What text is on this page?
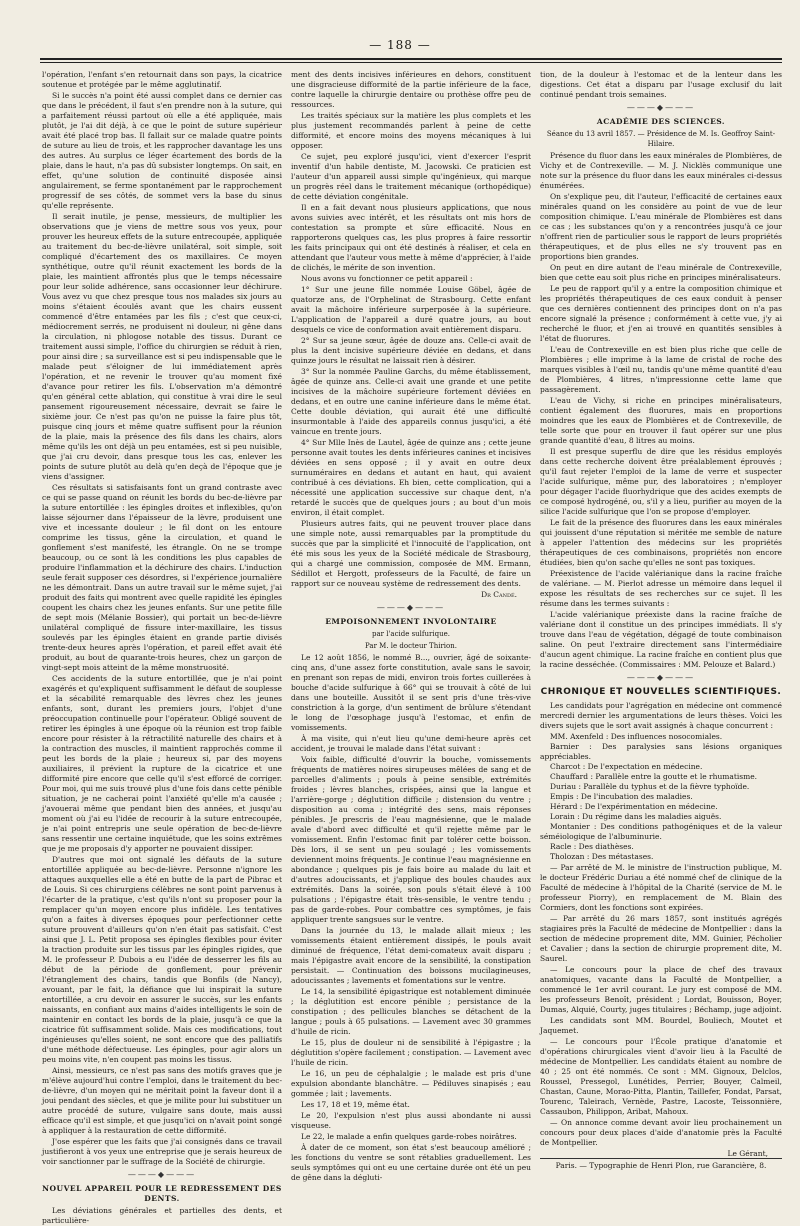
— 188 —

l'opération, l'enfant s'en retournait dans son pays, la cicatrice soutenue et protégée par le même agglutinatif.

Si le succès n'a point été aussi complet dans ce dernier cas que dans le précédent, il faut s'en prendre non à la suture, qui a parfaitement réussi partout où elle a été appliquée, mais plutôt, je l'ai dit déjà, à ce que le point de suture supérieur avait été placé trop bas. Il fallait sur ce malade quatre points de suture au lieu de trois, et les rapprocher davantage les uns des autres. Au surplus ce léger écartement des bords de la plaie, dans le haut, n'a pas dû subsister longtemps. On sait, en effet, qu'une solution de continuité disposée ainsi angulairement, se ferme spontanément par le rapprochement progressif de ses côtés, de sommet vers la base du sinus qu'elle représente.

Il serait inutile, je pense, messieurs, de multiplier les observations que je viens de mettre sous vos yeux, pour prouver les heureux effets de la suture entrecoupée, appliquée au traitement du bec-de-lièvre unilatéral, soit simple, soit compliqué d'écartement des os maxillaires. Ce moyen synthétique, outre qu'il réunit exactement les bords de la plaie, les maintient affrontés plus que le temps nécessaire pour leur solide adhérence, sans occasionner leur déchirure. Vous avez vu que chez presque tous nos malades six jours au moins s'étaient écoulés avant que les chairs eussent commencé d'être entamées par les fils ; c'est que ceux-ci, médiocrement serrés, ne produisent ni douleur, ni gêne dans la circulation, ni phlogose notable des tissus. Durant ce traitement aussi simple, l'office du chirurgien se réduit à rien, pour ainsi dire ; sa surveillance est si peu indispensable que le malade peut s'éloigner de lui immédiatement après l'opération, et ne revenir le trouver qu'au moment fixé d'avance pour retirer les fils. L'observation m'a démontré qu'en général cette ablation, qui constitue à vrai dire le seul pansement rigoureusement nécessaire, devrait se faire le sixième jour. Ce n'est pas qu'on ne puisse la faire plus tôt, puisque cinq jours et même quatre suffisent pour la réunion de la plaie, mais la présence des fils dans les chairs, alors même qu'ils les ont déjà un peu entamées, est si peu nuisible, que j'ai cru devoir, dans presque tous les cas, enlever les points de suture plutôt au delà qu'en deçà de l'époque que je viens d'assigner.

Ces résultats si satisfaisants font un grand contraste avec ce qui se passe quand on réunit les bords du bec-de-lièvre par la suture entortillée : les épingles droites et inflexibles, qu'on laisse séjourner dans l'épaisseur de la lèvre, produisent une vive et incessante douleur ; le fil dont on les entoure comprime les tissus, gêne la circulation, et quand le gonflement s'est manifesté, les étrangle. On ne se trompe beaucoup, ou ce sont là les conditions les plus capables de produire l'inflammation et la déchirure des chairs. L'induction seule ferait supposer ces désordres, si l'expérience journalière ne les démontrait. Dans un autre travail sur le même sujet, j'ai produit des faits qui montrent avec quelle rapidité les épingles coupent les chairs chez les jeunes enfants. Sur une petite fille de sept mois (Mélanie Bossier), qui portait un bec-de-lièvre unilatéral compliqué de fissure inter-maxillaire, les tissus soulevés par les épingles étaient en grande partie divisés trente-deux heures après l'opération, et pareil effet avait été produit, au bout de quarante-trois heures, chez un garçon de vingt-sept mois atteint de la même monstruosité.

Ces accidents de la suture entortillée, que je n'ai point exagérés et qu'expliquent suffisamment le défaut de souplesse et la sécabilité remarquable des lèvres chez les jeunes enfants, sont, durant les premiers jours, l'objet d'une préoccupation continuelle pour l'opérateur. Obligé souvent de retirer les épingles à une époque où la réunion est trop faible encore pour résister à la rétractilité naturelle des chairs et à la contraction des muscles, il maintient rapprochés comme il peut les bords de la plaie ; heureux si, par des moyens auxiliaires, il prévient la rupture de la cicatrice et une difformité pire encore que celle qu'il s'est efforcé de corriger. Pour moi, qui me suis trouvé plus d'une fois dans cette pénible situation, je ne cacherai point l'anxiété qu'elle m'a causée ; j'avouerai même que pendant bien des années, et jusqu'au moment où j'ai eu l'idée de recourir à la suture entrecoupée, je n'ai point entrepris une seule opération de bec-de-lièvre sans ressentir une certaine inquiétude, que les soins extrêmes que je me proposais d'y apporter ne pouvaient dissiper.

D'autres que moi ont signalé les défauts de la suture entortillée appliquée au bec-de-lièvre. Personne n'ignore les attaques auxquelles elle a été en butte de la part de Pibrac et de Louis. Si ces chirurgiens célèbres ne sont point parvenus à l'écarter de la pratique, c'est qu'ils n'ont su proposer pour la remplacer qu'un moyen encore plus infidèle. Les tentatives qu'on a faites à diverses époques pour perfectionner cette suture prouvent d'ailleurs qu'on n'en était pas satisfait. C'est ainsi que J. L. Petit proposa ses épingles flexibles pour éviter la traction produite sur les tissus par les épingles rigides, que M. le professeur P. Dubois a eu l'idée de desserrer les fils au début de la période de gonflement, pour prévenir l'étranglement des chairs, tandis que Bonfils (de Nancy), avouant, par le fait, la défiance que lui inspirait la suture entortillée, a cru devoir en assurer le succès, sur les enfants naissants, en confiant aux mains d'aides intelligents le soin de maintenir en contact les bords de la plaie, jusqu'à ce que la cicatrice fût suffisamment solide. Mais ces modifications, tout ingénieuses qu'elles soient, ne sont encore que des palliatifs d'une méthode défectueuse. Les épingles, pour agir alors un peu moins vite, n'en coupent pas moins les tissus.

Ainsi, messieurs, ce n'est pas sans des motifs graves que je m'élève aujourd'hui contre l'emploi, dans le traitement du bec-de-lièvre, d'un moyen qui ne méritait point la faveur dont il a joui pendant des siècles, et que je milite pour lui substituer un autre procédé de suture, vulgaire sans doute, mais aussi efficace qu'il est simple, et que jusqu'ici on n'avait point songé à appliquer à la restauration de cette difformité.

J'ose espérer que les faits que j'ai consignés dans ce travail justifieront à vos yeux une entreprise que je serais heureux de voir sanctionner par le suffrage de la Société de chirurgie.

———◆———
NOUVEL APPAREIL POUR LE REDRESSEMENT DES DENTS.

Les déviations générales et partielles des dents, et particulière-

ment des dents incisives inférieures en dehors, constituent une disgracieuse difformité de la partie inférieure de la face, contre laquelle la chirurgie dentaire ou prothèse offre peu de ressources.

Les traités spéciaux sur la matière les plus complets et les plus justement recommandés parlent à peine de cette difformité, et encore moins des moyens mécaniques à lui opposer.

Ce sujet, peu exploré jusqu'ici, vient d'exercer l'esprit inventif d'un habile dentiste, M. Jacowski. Ce praticien est l'auteur d'un appareil aussi simple qu'ingénieux, qui marque un progrès réel dans le traitement mécanique (orthopédique) de cette déviation congénitale.

Il en a fait devant nous plusieurs applications, que nous avons suivies avec intérêt, et les résultats ont mis hors de contestation sa prompte et sûre efficacité. Nous en rapporterons quelques cas, les plus propres à faire ressortir les faits principaux qui ont été destinés à réaliser, et cela en attendant que l'auteur vous mette à même d'apprécier, à l'aide de clichés, le mérite de son invention.

Nous avons vu fonctionner ce petit appareil :

1° Sur une jeune fille nommée Louise Göbel, âgée de quatorze ans, de l'Orphelinat de Strasbourg. Cette enfant avait la mâchoire inférieure surperposée à la supérieure. L'application de l'appareil a duré quatre jours, au bout desquels ce vice de conformation avait entièrement disparu.

2° Sur sa jeune sœur, âgée de douze ans. Celle-ci avait de plus la dent incisive supérieure déviée en dedans, et dans quinze jours le résultat ne laissait rien à désirer.

3° Sur la nommée Pauline Garchs, du même établissement, âgée de quinze ans. Celle-ci avait une grande et une petite incisives de la mâchoire supérieure fortement déviées en dedans, et en outre une canine inférieure dans le même état. Cette double déviation, qui aurait été une difficulté insurmontable à l'aide des appareils connus jusqu'ici, a été vaincue en trente jours.

4° Sur Mlle Inès de Lautel, âgée de quinze ans ; cette jeune personne avait toutes les dents inférieures canines et incisives déviées en sens opposé ; il y avait en outre deux surnuméraires en dedans et autant en haut, qui avaient contribué à ces déviations. Eh bien, cette complication, qui a nécessité une application successive sur chaque dent, n'a retardé le succès que de quelques jours ; au bout d'un mois environ, il était complet.

Plusieurs autres faits, qui ne peuvent trouver place dans une simple note, aussi remarquables par la promptitude du succès que par la simplicité et l'innocuité de l'application, ont été mis sous les yeux de la Société médicale de Strasbourg, qui a chargé une commission, composée de MM. Ermann, Sédillot et Hergott, professeurs de la Faculté, de faire un rapport sur ce nouveau système de redressement des dents.

Dr Candé.
———◆———
EMPOISONNEMENT INVOLONTAIRE
par l'acide sulfurique.
Par M. le docteur Thirion.

Le 12 août 1856, le nommé B..., ouvrier, âgé de soixante-cinq ans, d'une assez forte constitution, avale sans le savoir, en prenant son repas de midi, environ trois fortes cuillerées à bouche d'acide sulfurique à 66° qui se trouvait à côté de lui dans une bouteille. Aussitôt il se sent pris d'une très-vive constriction à la gorge, d'un sentiment de brûlure s'étendant le long de l'œsophage jusqu'à l'estomac, et enfin de vomissements.

À ma visite, qui n'eut lieu qu'une demi-heure après cet accident, je trouvai le malade dans l'état suivant :

Voix faible, difficulté d'ouvrir la bouche, vomissements fréquents de matières noires sirupeuses mêlées de sang et de parcelles d'aliments ; pouls à peine sensible, extrémités froides ; lèvres blanches, crispées, ainsi que la langue et l'arrière-gorge ; déglutition difficile ; distension du ventre ; disposition au coma ; intégrité des sens, mais réponses pénibles. Je prescris de l'eau magnésienne, que le malade avale d'abord avec difficulté et qu'il rejette même par le vomissement. Enfin l'estomac finit par tolérer cette boisson. Dès lors, il se sent un peu soulagé ; les vomissements deviennent moins fréquents. Je continue l'eau magnésienne en abondance ; quelques pis je fais boire au malade du lait et d'autres adoucissants, et j'applique des boules chaudes aux extrémités. Dans la soirée, son pouls s'était élevé à 100 pulsations ; l'épigastre était très-sensible, le ventre tendu ; pas de garde-robes. Pour combattre ces symptômes, je fais appliquer trente sangsues sur le ventre.

Dans la journée du 13, le malade allait mieux ; les vomissements étaient entièrement dissipés, le pouls avait diminué de fréquence, l'état demi-comateux avait disparu ; mais l'épigastre avait encore de la sensibilité, la constipation persistait. — Continuation des boissons mucilagineuses, adoucissantes ; lavements et fomentations sur le ventre.

Le 14, la sensibilité épigastrique est notablement diminuée ; la déglutition est encore pénible ; persistance de la constipation ; des pellicules blanches se détachent de la langue ; pouls à 65 pulsations. — Lavement avec 30 grammes d'huile de ricin.

Le 15, plus de douleur ni de sensibilité à l'épigastre ; la déglutition s'opère facilement ; constipation. — Lavement avec l'huile de ricin.

Le 16, un peu de céphalalgie ; le malade est pris d'une expulsion abondante blanchâtre. — Pédiluves sinapisés ; eau gommée ; lait ; lavements.

Les 17, 18 et 19, même état.

Le 20, l'expulsion n'est plus aussi abondante ni aussi visqueuse.

Le 22, le malade a enfin quelques garde-robes noirâtres.

À dater de ce moment, son état s'est beaucoup amélioré ; les fonctions du ventre se sont rétablies graduellement. Les seuls symptômes qui ont eu une certaine durée ont été un peu de gêne dans la dégluti-

tion, de la douleur à l'estomac et de la lenteur dans les digestions. Cet état a disparu par l'usage exclusif du lait continué pendant trois semaines.

———◆———
ACADÉMIE DES SCIENCES.
Séance du 13 avril 1857. — Présidence de M. Is. Geoffroy Saint-Hilaire.

Présence du fluor dans les eaux minérales de Plombières, de Vichy et de Contrexeville. — M. J. Nicklès communique une note sur la présence du fluor dans les eaux minérales ci-dessus énumérées.

On s'explique peu, dit l'auteur, l'efficacité de certaines eaux minérales quand on les considère au point de vue de leur composition chimique. L'eau minérale de Plombières est dans ce cas ; les substances qu'on y a rencontrées jusqu'à ce jour n'offrent rien de particulier sous le rapport de leurs propriétés thérapeutiques, et de plus elles ne s'y trouvent pas en proportions bien grandes.

On peut en dire autant de l'eau minérale de Contrexeville, bien que cette eau soit plus riche en principes minéralisateurs.

Le peu de rapport qu'il y a entre la composition chimique et les propriétés thérapeutiques de ces eaux conduit à penser que ces dernières contiennent des principes dont on n'a pas encore signalé la présence ; conformément à cette vue, j'y ai recherché le fluor, et j'en ai trouvé en quantités sensibles à l'état de fluorures.

L'eau de Contrexeville en est bien plus riche que celle de Plombières ; elle imprime à la lame de cristal de roche des marques visibles à l'œil nu, tandis qu'une même quantité d'eau de Plombières, 4 litres, n'impressionne cette lame que passagèrement.

L'eau de Vichy, si riche en principes minéralisateurs, contient également des fluorures, mais en proportions moindres que les eaux de Plombières et de Contrexeville, de telle sorte que pour en trouver il faut opérer sur une plus grande quantité d'eau, 8 litres au moins.

Il est presque superflu de dire que les résidus employés dans cette recherche doivent être préalablement éprouvés ; qu'il faut rejeter l'emploi de la lame de verre et suspecter l'acide sulfurique, même pur, des laboratoires ; n'employer pour dégager l'acide fluorhydrique que des acides exempts de ce composé hydrogéné, ou, s'il y a lieu, purifier au moyen de la silice l'acide sulfurique que l'on se propose d'employer.

Le fait de la présence des fluorures dans les eaux minérales qui jouissent d'une réputation si méritée me semble de nature à appeler l'attention des médecins sur les propriétés thérapeutiques de ces combinaisons, propriétés non encore étudiées, bien qu'on sache qu'elles ne sont pas toxiques.

Préexistence de l'acide valérianique dans la racine fraîche de valériane. — M. Pierlot adresse un mémoire dans lequel il expose les résultats de ses recherches sur ce sujet. Il les résume dans les termes suivants :

L'acide valérianique préexiste dans la racine fraîche de valériane dont il constitue un des principes immédiats. Il s'y trouve dans l'eau de végétation, dégagé de toute combinaison saline. On peut l'extraire directement sans l'intermédiaire d'aucun agent chimique. La racine fraîche en contient plus que la racine desséchée. (Commissaires : MM. Pelouze et Balard.)

———◆———
CHRONIQUE ET NOUVELLES SCIENTIFIQUES.

Les candidats pour l'agrégation en médecine ont commencé mercredi dernier les argumentations de leurs thèses. Voici les divers sujets que le sort avait assignés à chaque concurrent :

MM. Axenfeld : Des influences nosocomiales.
Barnier : Des paralysies sans lésions organiques appréciables.
Charcot : De l'expectation en médecine.
Chauffard : Parallèle entre la goutte et le rhumatisme.
Duriau : Parallèle du typhus et de la fièvre typhoïde.
Empis : De l'incubation des maladies.
Hérard : De l'expérimentation en médecine.
Lorain : Du régime dans les maladies aiguës.
Montanier : Des conditions pathogéniques et de la valeur séméiologique de l'albuminurie.
Racle : Des diathèses.
Tholozan : Des métastases.

— Par arrêté de M. le ministre de l'instruction publique, M. le docteur Frédéric Duriau a été nommé chef de clinique de la Faculté de médecine à l'hôpital de la Charité (service de M. le professeur Piorry), en remplacement de M. Blain des Cormiers, dont les fonctions sont expirées.

— Par arrêté du 26 mars 1857, sont institués agrégés stagiaires près la Faculté de médecine de Montpellier : dans la section de médecine proprement dite, MM. Guinier, Pécholier et Cavalier ; dans la section de chirurgie proprement dite, M. Saurel.

— Le concours pour la place de chef des travaux anatomiques, vacante dans la Faculté de Montpellier, a commencé le 1er avril courant. Le jury est composé de MM. les professeurs Benoît, président ; Lordat, Bouisson, Boyer, Dumas, Alquié, Courty, juges titulaires ; Béchamp, juge adjoint.

Les candidats sont MM. Bourdel, Bouliech, Moutet et Jaquemet.

— Le concours pour l'École pratique d'anatomie et d'opérations chirurgicales vient d'avoir lieu à la Faculté de médecine de Montpellier. Les candidats étaient au nombre de 40 ; 25 ont été nommés. Ce sont : MM. Gignoux, Delclos, Roussel, Pressegol, Lunétides, Perrier, Bouyer, Calmeil, Chastan, Caune, Morao-Pitta, Plantin, Taillefer, Fondat, Parsat, Tourenc, Taleirach, Vernède, Pastre, Lacoste, Teissonnière, Cassaubon, Philippon, Aribat, Mahoux.

— On annonce comme devant avoir lieu prochainement un concours pour deux places d'aide d'anatomie près la Faculté de Montpellier.

Le Gérant,
Paris. — Typographie de Henri Plon, rue Garancière, 8.
